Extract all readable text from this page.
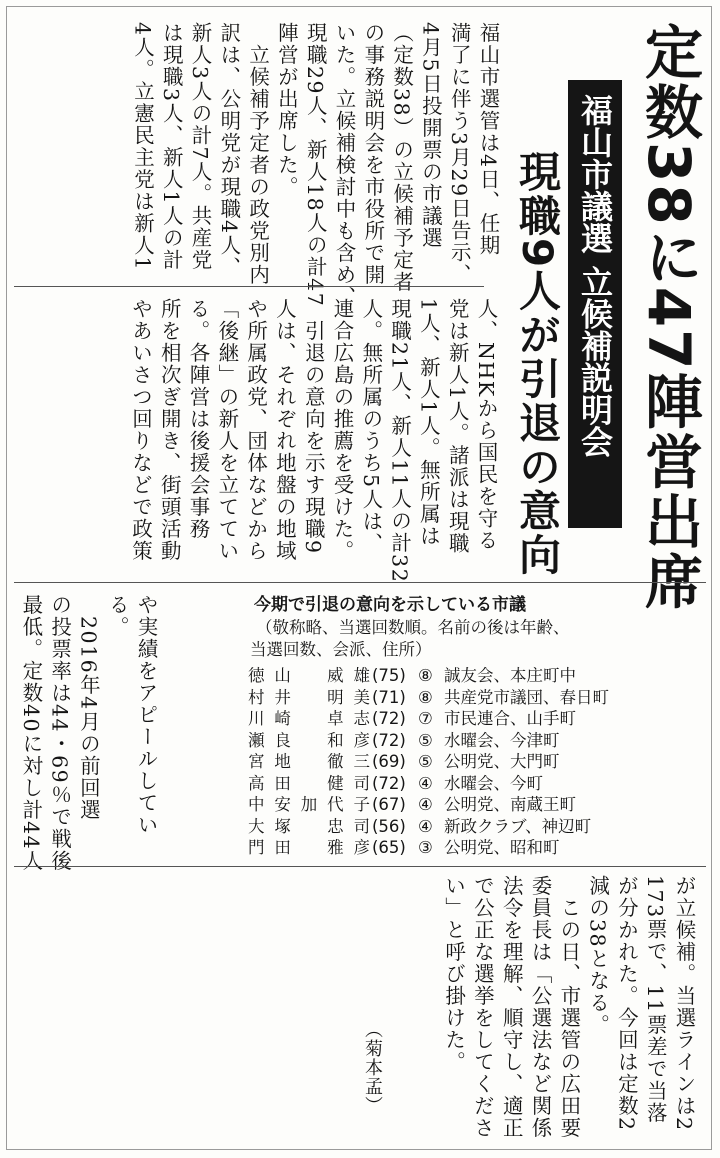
定数38に47陣営出席
福山市議選 立候補説明会
現職9人が引退の意向
福山市選管は4日、任期
満了に伴う3月29日告示、
4月5日投開票の市議選
（定数38）の立候補予定者
の事務説明会を市役所で開
いた。立候補検討中も含め、
現職29人、新人18人の計47
陣営が出席した。
　立候補予定者の政党別内
訳は、公明党が現職4人、
新人3人の計7人。共産党
は現職3人、新人1人の計
4人。立憲民主党は新人1
人、NHKから国民を守る
党は新人1人。諸派は現職
1人、新人1人。無所属は
現職21人、新人11人の計32
人。無所属のうち5人は、
連合広島の推薦を受けた。
　引退の意向を示す現職9
人は、それぞれ地盤の地域
や所属政党、団体などから
「後継」の新人を立ててい
る。各陣営は後援会事務
所を相次ぎ開き、街頭活動
やあいさつ回りなどで政策
や実績をアピールしてい
る。
　2016年4月の前回選
の投票率は44・69％で戦後
最低。定数40に対し計44人
が立候補。当選ラインは2
173票で、11票差で当落
が分かれた。今回は定数2
減の38となる。
　この日、市選管の広田要
委員長は「公選法など関係
法令を理解、順守し、適正
で公正な選挙をしてくださ
い」と呼び掛けた。
（菊本孟）
今期で引退の意向を示している市議
（敬称略、当選回数順。名前の後は年齢、
当選回数、会派、住所）
徳山　威雄 (75) ⑧ 誠友会、本庄町中
村井　明美 (71) ⑧ 共産党市議団、春日町
川崎　卓志 (72) ⑦ 市民連合、山手町
瀬良　和彦 (72) ⑤ 水曜会、今津町
宮地　徹三 (69) ⑤ 公明党、大門町
高田　健司 (72) ④ 水曜会、今町
中安加代子 (67) ④ 公明党、南蔵王町
大塚　忠司 (56) ④ 新政クラブ、神辺町
門田　雅彦 (65) ③ 公明党、昭和町
